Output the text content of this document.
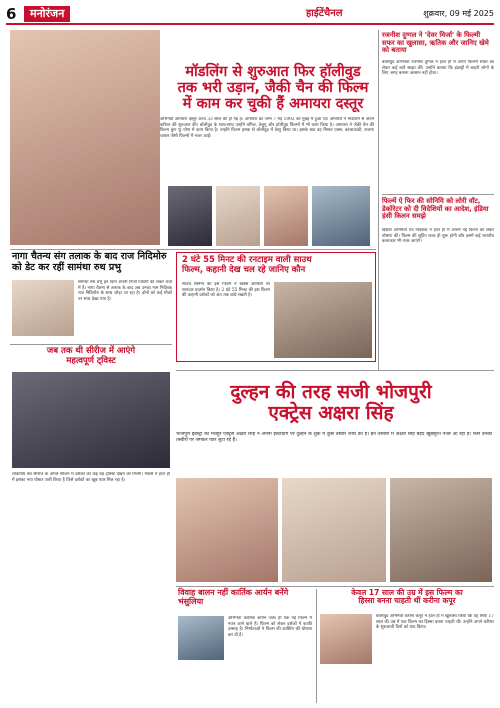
6	मनोरंजन	हाईटेंचैनल	शुक्रवार, 09 मई 2025
मॉडलिंग से शुरुआत फिर हॉलीवुड
तक भरी उड़ान, जैकी चैन की फिल्म
में काम कर चुकी हैं अमायरा दस्तूर
अभिनेत्री अमायरा दस्तूर आज 33 साल की हो गई हैं। अमायरा का जन्म 7 मई 1992 को मुंबई में हुआ था। अमायरा ने मॉडलिंग से अपने करियर की शुरुआत की। बॉलीवुड के साथ-साथ उन्होंने तमिल, तेलुगु और हॉलीवुड फिल्मों में भी काम किया है। अमायरा ने जैकी चैन की फिल्म कुंग फू योगा में काम किया है। उन्होंने फिल्म इशक से बॉलीवुड में डेब्यू किया था। इसके बाद वह मिस्टर एक्स, कालाकांडी, राजमा चावल जैसी फिल्मों में नजर आईं।
रजनीश दुग्गल ने 'देवर मिर्जा' के फिल्मी सफर का खुलासा, ऋतिक और जानिए खेमे को बताया
बॉलीवुड अभिनेता रजनीश दुग्गल ने हाल ही में अपने फिल्मी सफर को लेकर कई बातें साझा कीं। उन्होंने बताया कि इंडस्ट्री में बाहरी लोगों के लिए जगह बनाना आसान नहीं होता।
फिल्में ऐ फिर की सोनियि को लोरी वॉट, डेकोरेटर को दी विदेशियों का आदेश, इंडिया हंसी किलन समझे
ब्रिटिश अभिनेता एवं निर्देशक ने हाल ही में अपनी नई फिल्म को लेकर घोषणा की। फिल्म की शूटिंग जल्द ही शुरू होगी और इसमें कई भारतीय कलाकार भी नजर आएंगे।
नागा चैतन्य संग तलाक के बाद राज निदिमोरु
को डेट कर रहीं सामंथा रुथ प्रभु
सामंथा रुथ प्रभु इन दिनों अपनी निजी जिंदगी को लेकर चर्चा में हैं। नागा चैतन्य से तलाक के बाद अब उनका नाम निर्देशक राज निदिमोरु के साथ जोड़ा जा रहा है। दोनों को कई मौकों पर साथ देखा गया है।
2 घंटे 55 मिनट की रनटाइम वाली साउथ
फिल्म, कहानी देख चल रहे जानिए कौन
साउथ सिनेमा की इस फिल्म ने बॉक्स ऑफिस पर शानदार प्रदर्शन किया है। 2 घंटे 55 मिनट की इस फिल्म की कहानी दर्शकों को अंत तक बांधे रखती है।
जब तक थी सीरीज में आएंगे
महत्वपूर्ण ट्विस्ट
लोकप्रिय वेब सीरीज के अगले सीजन में दर्शकों को कई बड़े ट्विस्ट देखने को मिलेंगे। मेकर्स ने हाल ही में इसका नया पोस्टर जारी किया है जिसे दर्शकों का खूब प्यार मिल रहा है।
दुल्हन की तरह सजी भोजपुरी
एक्ट्रेस अक्षरा सिंह
भोजपुरी इंडस्ट्री की मशहूर एक्ट्रेस अक्षरा सिंह ने अपनी इंस्टाग्राम पर दुल्हन के लुक में कुछ तस्वीरें शेयर की हैं। इन तस्वीरों में अक्षरा सिंह बेहद खूबसूरत नजर आ रही हैं। फैंस उनकी तस्वीरों पर जमकर प्यार लुटा रहे हैं।
विवाह बालन नहीं कार्तिक आर्यन बनेंगे भंसुलिया
अभिनेता कार्तिक आर्यन जल्द ही एक नई फिल्म में नजर आने वाले हैं। फिल्म को लेकर दर्शकों में काफी उत्साह है। निर्माताओं ने फिल्म की कास्टिंग की घोषणा कर दी है।
केवल 17 साल की उम्र में इस फिल्म का
हिस्सा बनना चाहती थीं करीना कपूर
बॉलीवुड अभिनेत्री करीना कपूर ने हाल ही में खुलासा किया कि वह सिर्फ 17 साल की उम्र में एक फिल्म का हिस्सा बनना चाहती थीं। उन्होंने अपने करियर के शुरुआती दिनों को याद किया।
